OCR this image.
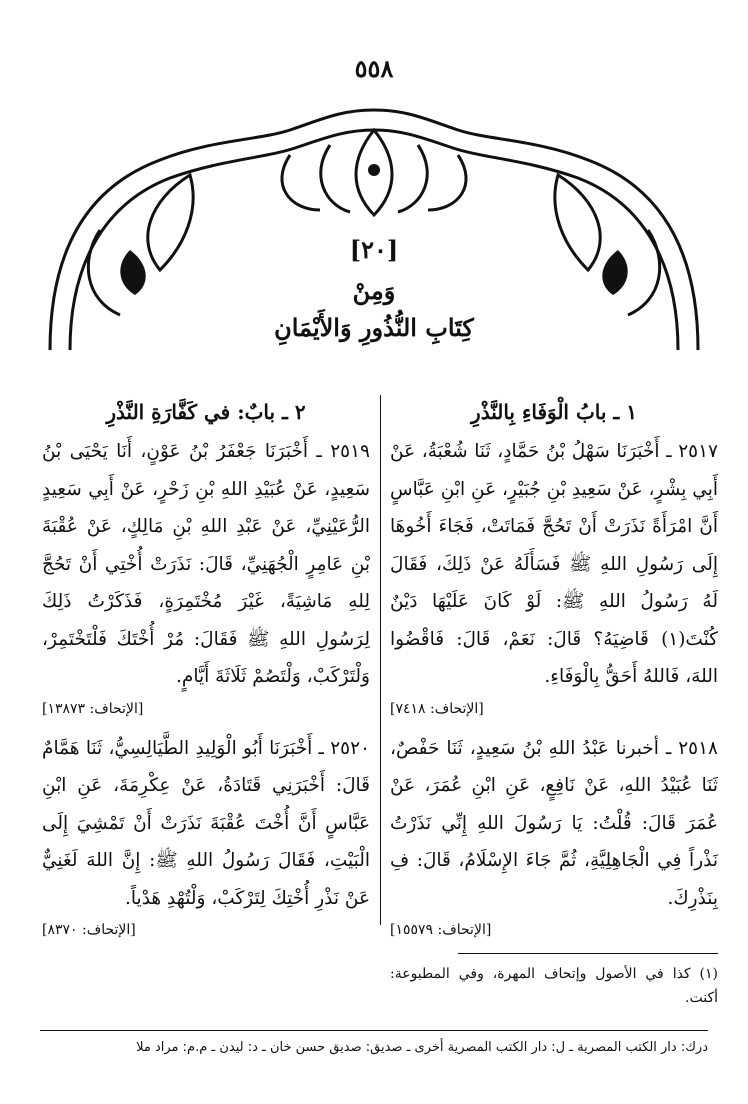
٥٥٨
[٢٠]
وَمِنْ
كِتَابِ النُّذُورِ وَالأَيْمَانِ
١ ـ بابُ الْوَفَاءِ بِالنَّذْرِ

٢٥١٧ ـ أَخْبَرَنَا سَهْلُ بْنُ حَمَّادٍ، ثَنَا شُعْبَةُ، عَنْ أَبِي بِشْرٍ، عَنْ سَعِيدِ بْنِ جُبَيْرٍ، عَنِ ابْنِ عَبَّاسٍ أَنَّ امْرَأَةً نَذَرَتْ أَنْ تَحُجَّ فَمَاتَتْ، فَجَاءَ أَخُوهَا إِلَى رَسُولِ اللهِ ﷺ فَسَأَلَهُ عَنْ ذَلِكَ، فَقَالَ لَهُ رَسُولُ اللهِ ﷺ: لَوْ كَانَ عَلَيْهَا دَيْنٌ كُنْتَ(١) قَاضِيَهُ؟ قَالَ: نَعَمْ، قَالَ: فَاقْضُوا اللهَ، فَاللهُ أَحَقُّ بِالْوَفَاءِ.

[الإتحاف: ٧٤١٨]

٢٥١٨ ـ أخبرنا عَبْدُ اللهِ بْنُ سَعِيدٍ، ثَنَا حَفْصٌ، ثَنَا عُبَيْدُ اللهِ، عَنْ نَافِعٍ، عَنِ ابْنِ عُمَرَ، عَنْ عُمَرَ قَالَ: قُلْتُ: يَا رَسُولَ اللهِ إِنِّي نَذَرْتُ نَذْراً فِي الْجَاهِلِيَّةِ، ثُمَّ جَاءَ الإِسْلَامُ، قَالَ: فِ بِنَذْرِكَ.

[الإتحاف: ١٥٥٧٩]
(١) كذا في الأصول وإتحاف المهرة، وفي المطبوعة: أكنت.
٢ ـ بابٌ: في كَفَّارَةِ النَّذْرِ

٢٥١٩ ـ أَخْبَرَنَا جَعْفَرُ بْنُ عَوْنٍ، أَنَا يَحْيَى بْنُ سَعِيدٍ، عَنْ عُبَيْدِ اللهِ بْنِ زَحْرٍ، عَنْ أَبِي سَعِيدٍ الرُّعَيْنِيِّ، عَنْ عَبْدِ اللهِ بْنِ مَالِكٍ، عَنْ عُقْبَةَ بْنِ عَامِرٍ الْجُهَنِيِّ، قَالَ: نَذَرَتْ أُخْتِي أَنْ تَحُجَّ لِلهِ مَاشِيَةً، غَيْرَ مُخْتَمِرَةٍ، فَذَكَرْتُ ذَلِكَ لِرَسُولِ اللهِ ﷺ فَقَالَ: مُرْ أُخْتَكَ فَلْتَخْتَمِرْ، وَلْتَرْكَبْ، وَلْتَصُمْ ثَلَاثَةَ أَيَّامٍ.

[الإتحاف: ١٣٨٧٣]

٢٥٢٠ ـ أَخْبَرَنَا أَبُو الْوَلِيدِ الطَّيَالِسِيُّ، ثَنَا هَمَّامٌ قَالَ: أَخْبَرَنِي قَتَادَةُ، عَنْ عِكْرِمَةَ، عَنِ ابْنِ عَبَّاسٍ أَنَّ أُخْتَ عُقْبَةَ نَذَرَتْ أَنْ تَمْشِيَ إِلَى الْبَيْتِ، فَقَالَ رَسُولُ اللهِ ﷺ: إِنَّ اللهَ لَغَنِيٌّ عَنْ نَذْرِ أُخْتِكَ لِتَرْكَبْ، وَلْتُهْدِ هَدْياً.

[الإتحاف: ٨٣٧٠]
درك: دار الكتب المصرية ـ ل: دار الكتب المصرية أخرى ـ صديق: صديق حسن خان ـ د: ليدن ـ م.م: مراد ملا
